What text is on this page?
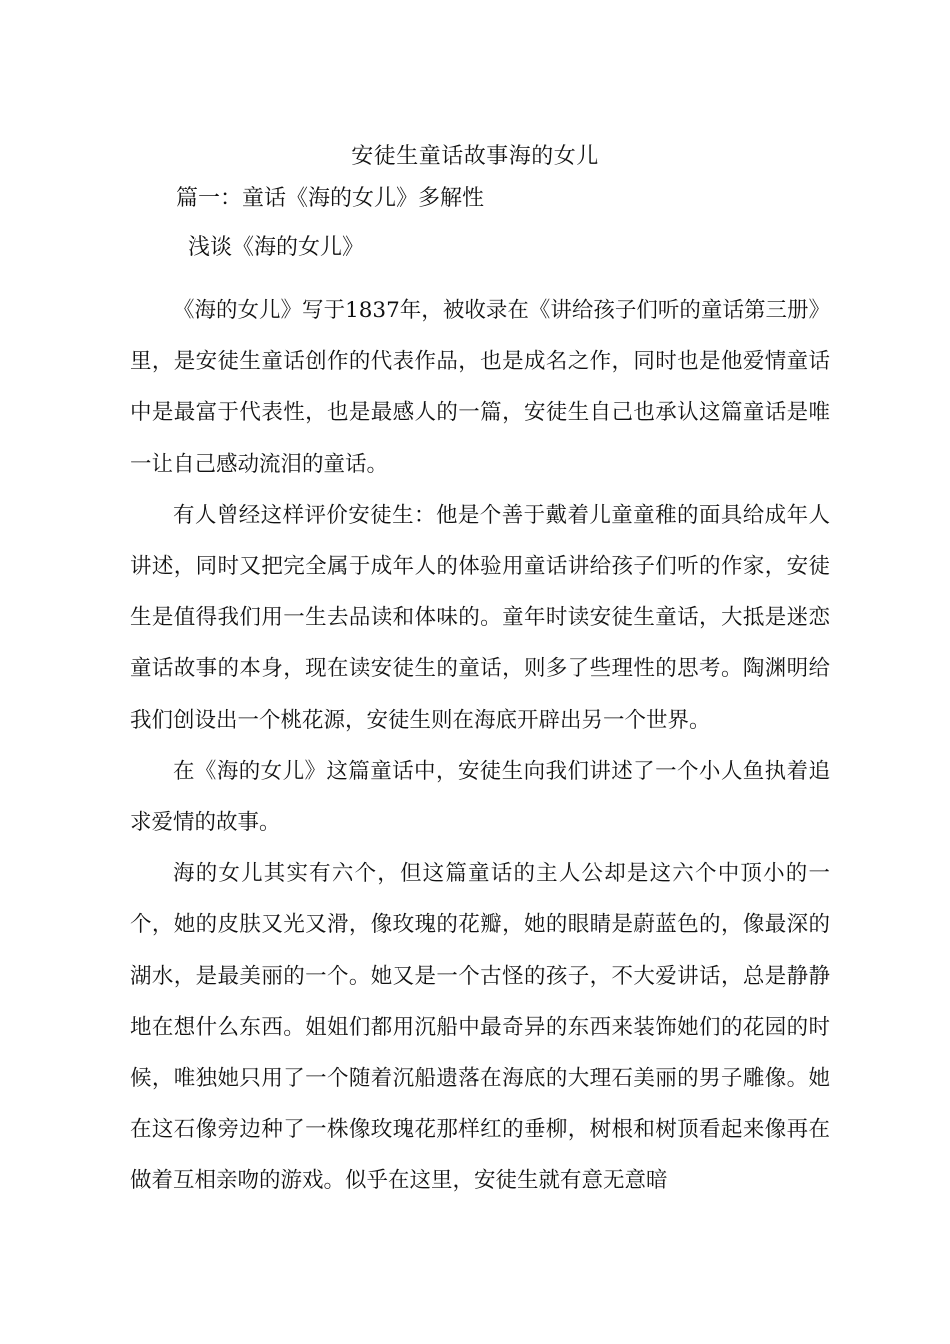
安徒生童话故事海的女儿

篇一：童话《海的女儿》多解性

浅谈《海的女儿》

《海的女儿》写于1837年，被收录在《讲给孩子们听的童话第三册》里，是安徒生童话创作的代表作品，也是成名之作，同时也是他爱情童话中是最富于代表性，也是最感人的一篇，安徒生自己也承认这篇童话是唯一让自己感动流泪的童话。

有人曾经这样评价安徒生：他是个善于戴着儿童童稚的面具给成年人讲述，同时又把完全属于成年人的体验用童话讲给孩子们听的作家，安徒生是值得我们用一生去品读和体味的。童年时读安徒生童话，大抵是迷恋童话故事的本身，现在读安徒生的童话，则多了些理性的思考。陶渊明给我们创设出一个桃花源，安徒生则在海底开辟出另一个世界。

在《海的女儿》这篇童话中，安徒生向我们讲述了一个小人鱼执着追求爱情的故事。

海的女儿其实有六个，但这篇童话的主人公却是这六个中顶小的一个，她的皮肤又光又滑，像玫瑰的花瓣，她的眼睛是蔚蓝色的，像最深的湖水，是最美丽的一个。她又是一个古怪的孩子，不大爱讲话，总是静静地在想什么东西。姐姐们都用沉船中最奇异的东西来装饰她们的花园的时候，唯独她只用了一个随着沉船遗落在海底的大理石美丽的男子雕像。她在这石像旁边种了一株像玫瑰花那样红的垂柳，树根和树顶看起来像再在做着互相亲吻的游戏。似乎在这里，安徒生就有意无意暗
